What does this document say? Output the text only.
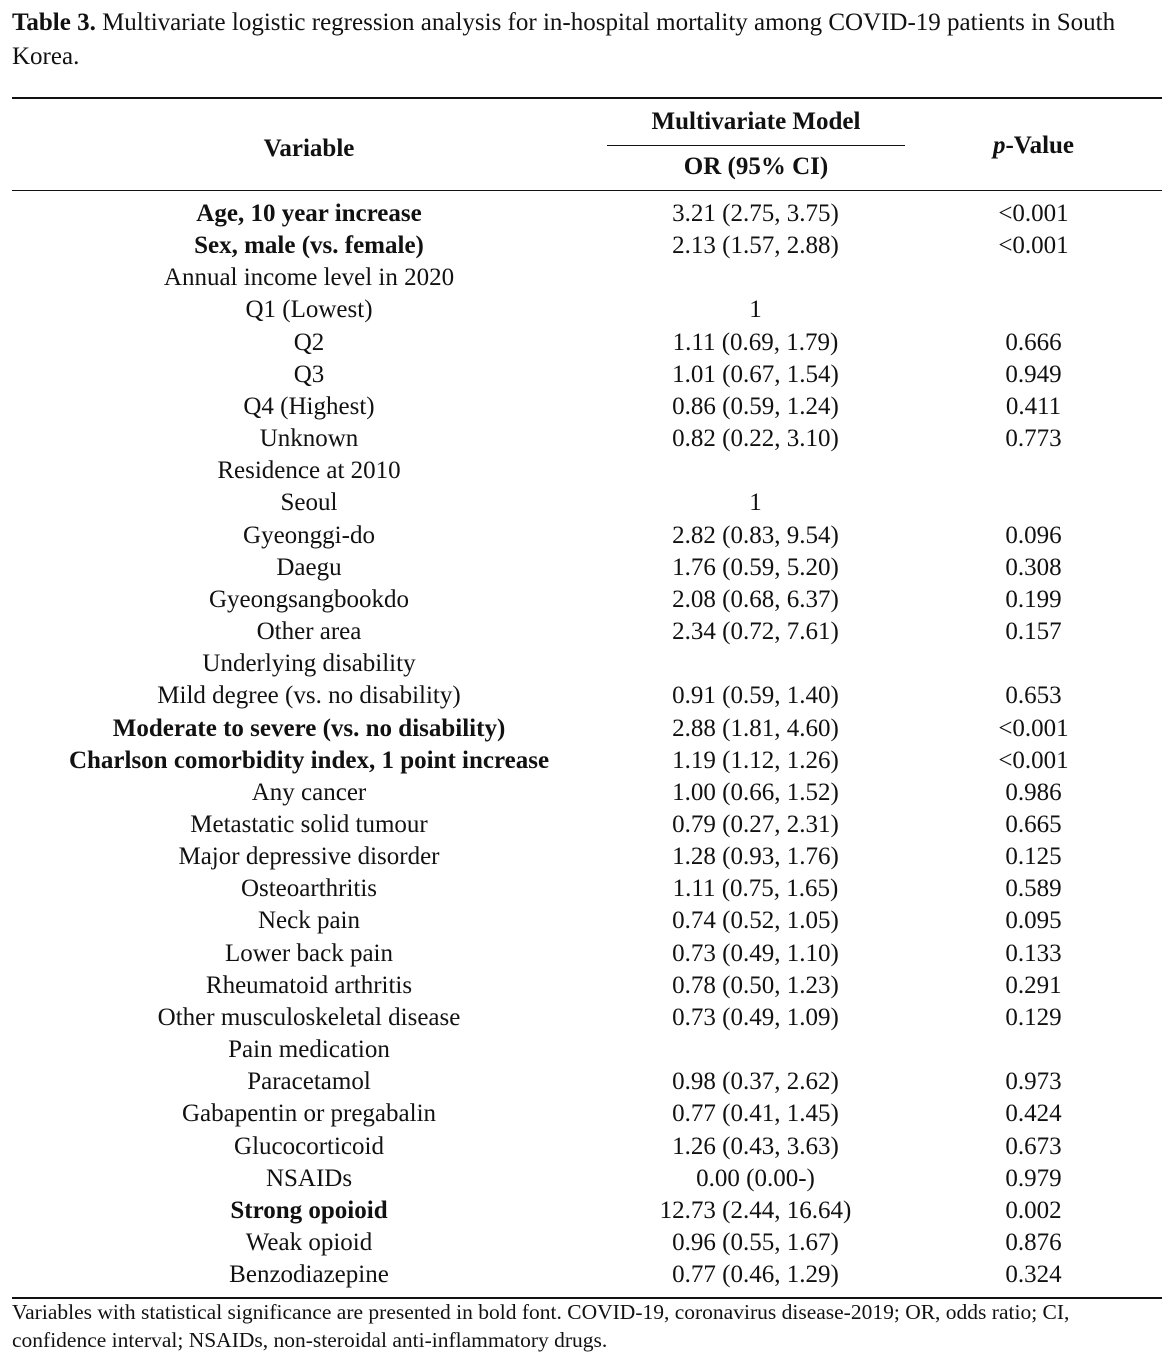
Table 3. Multivariate logistic regression analysis for in-hospital mortality among COVID-19 patients in South Korea.
Variable
Multivariate Model
OR (95% CI)
p-Value
Age, 10 year increase	3.21 (2.75, 3.75)	<0.001
Sex, male (vs. female)	2.13 (1.57, 2.88)	<0.001
Annual income level in 2020
Q1 (Lowest)	1
Q2	1.11 (0.69, 1.79)	0.666
Q3	1.01 (0.67, 1.54)	0.949
Q4 (Highest)	0.86 (0.59, 1.24)	0.411
Unknown	0.82 (0.22, 3.10)	0.773
Residence at 2010
Seoul	1
Gyeonggi-do	2.82 (0.83, 9.54)	0.096
Daegu	1.76 (0.59, 5.20)	0.308
Gyeongsangbookdo	2.08 (0.68, 6.37)	0.199
Other area	2.34 (0.72, 7.61)	0.157
Underlying disability
Mild degree (vs. no disability)	0.91 (0.59, 1.40)	0.653
Moderate to severe (vs. no disability)	2.88 (1.81, 4.60)	<0.001
Charlson comorbidity index, 1 point increase	1.19 (1.12, 1.26)	<0.001
Any cancer	1.00 (0.66, 1.52)	0.986
Metastatic solid tumour	0.79 (0.27, 2.31)	0.665
Major depressive disorder	1.28 (0.93, 1.76)	0.125
Osteoarthritis	1.11 (0.75, 1.65)	0.589
Neck pain	0.74 (0.52, 1.05)	0.095
Lower back pain	0.73 (0.49, 1.10)	0.133
Rheumatoid arthritis	0.78 (0.50, 1.23)	0.291
Other musculoskeletal disease	0.73 (0.49, 1.09)	0.129
Pain medication
Paracetamol	0.98 (0.37, 2.62)	0.973
Gabapentin or pregabalin	0.77 (0.41, 1.45)	0.424
Glucocorticoid	1.26 (0.43, 3.63)	0.673
NSAIDs	0.00 (0.00-)	0.979
Strong opoioid	12.73 (2.44, 16.64)	0.002
Weak opioid	0.96 (0.55, 1.67)	0.876
Benzodiazepine	0.77 (0.46, 1.29)	0.324
Variables with statistical significance are presented in bold font. COVID-19, coronavirus disease-2019; OR, odds ratio; CI, confidence interval; NSAIDs, non-steroidal anti-inflammatory drugs.
